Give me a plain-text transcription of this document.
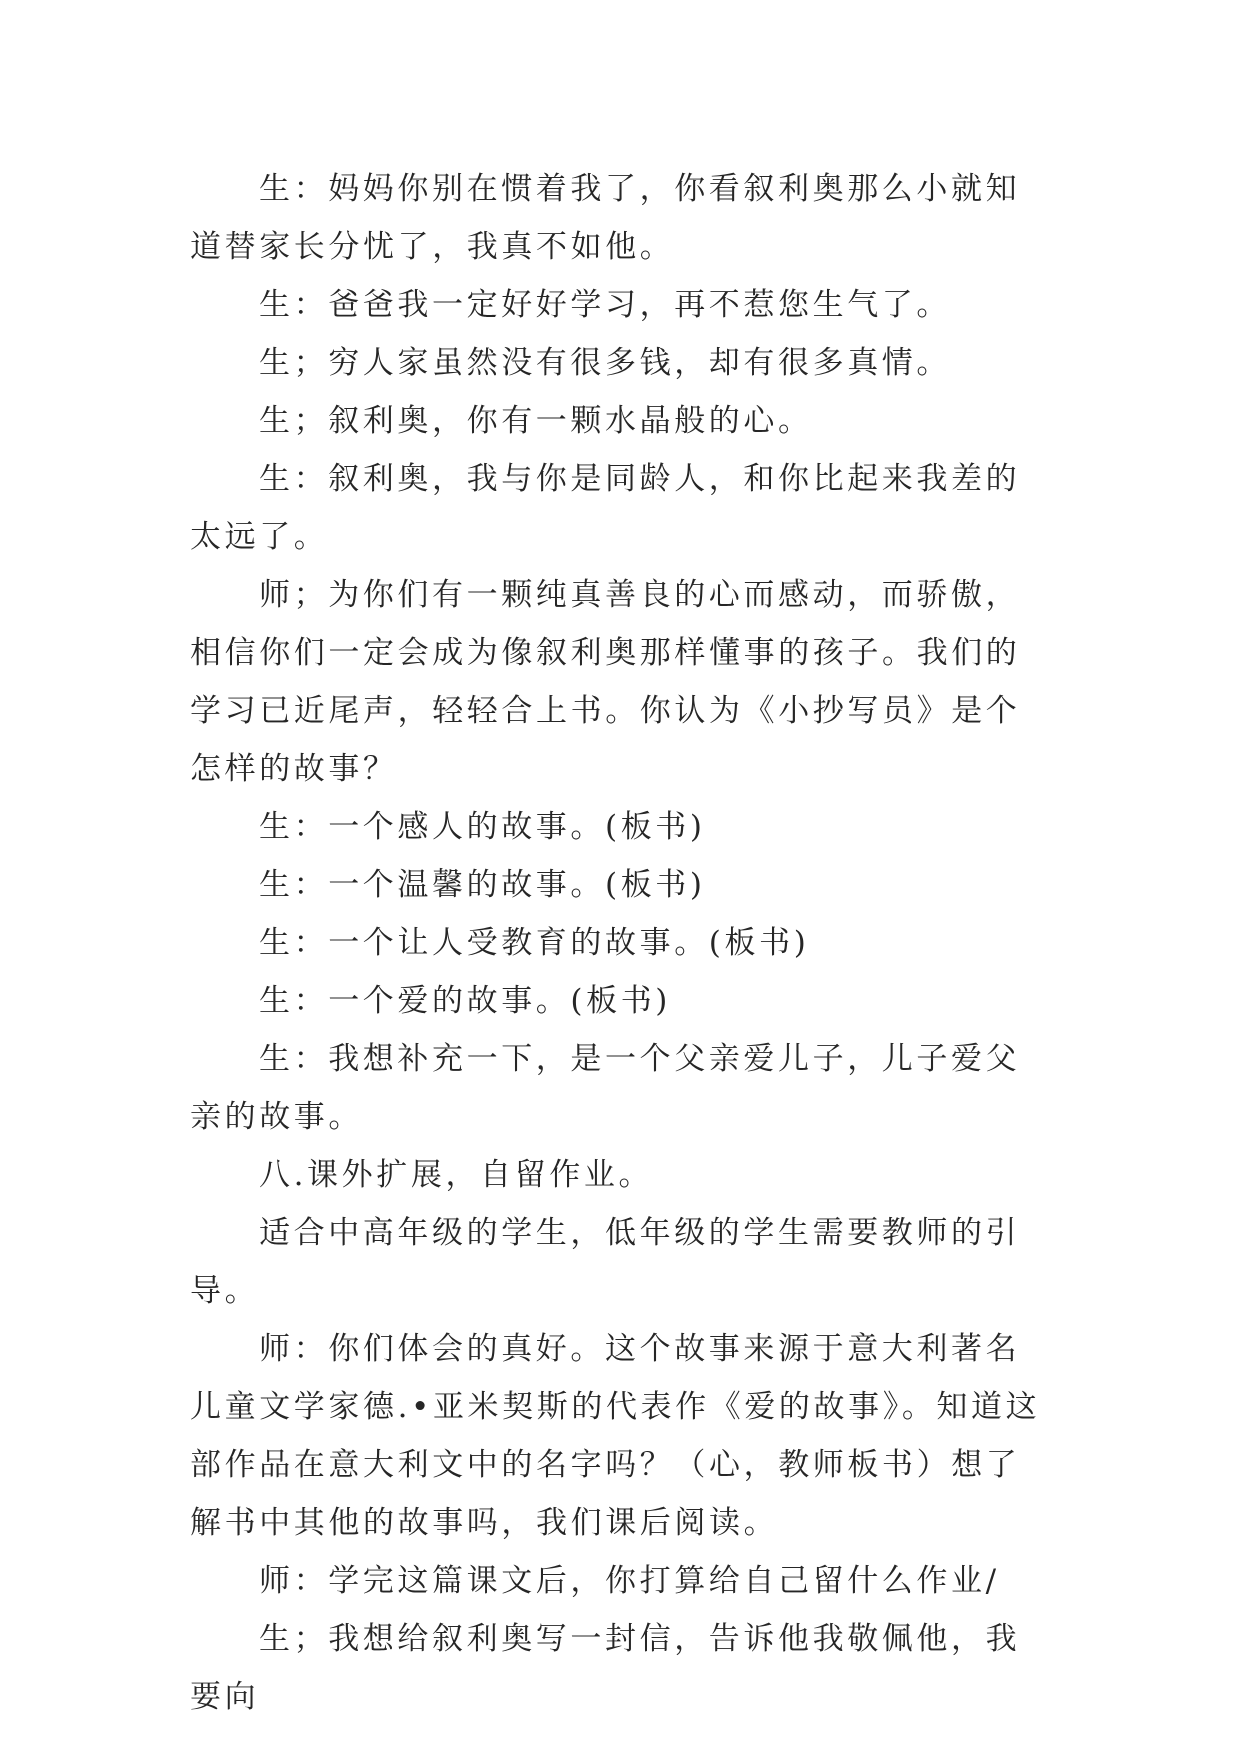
生：妈妈你别在惯着我了，你看叙利奥那么小就知道替家长分忧了，我真不如他。

生：爸爸我一定好好学习，再不惹您生气了。

生；穷人家虽然没有很多钱，却有很多真情。

生；叙利奥，你有一颗水晶般的心。

生：叙利奥，我与你是同龄人，和你比起来我差的太远了。

师；为你们有一颗纯真善良的心而感动，而骄傲，相信你们一定会成为像叙利奥那样懂事的孩子。我们的学习已近尾声，轻轻合上书。你认为《小抄写员》是个怎样的故事？

生：一个感人的故事。(板书)

生：一个温馨的故事。(板书)

生：一个让人受教育的故事。(板书)

生：一个爱的故事。(板书)

生：我想补充一下，是一个父亲爱儿子，儿子爱父亲的故事。

八.课外扩展，自留作业。

适合中高年级的学生，低年级的学生需要教师的引导。

师：你们体会的真好。这个故事来源于意大利著名儿童文学家德.•亚米契斯的代表作《爱的故事》。知道这部作品在意大利文中的名字吗？（心，教师板书）想了解书中其他的故事吗，我们课后阅读。

师：学完这篇课文后，你打算给自己留什么作业/

生；我想给叙利奥写一封信，告诉他我敬佩他，我要向
